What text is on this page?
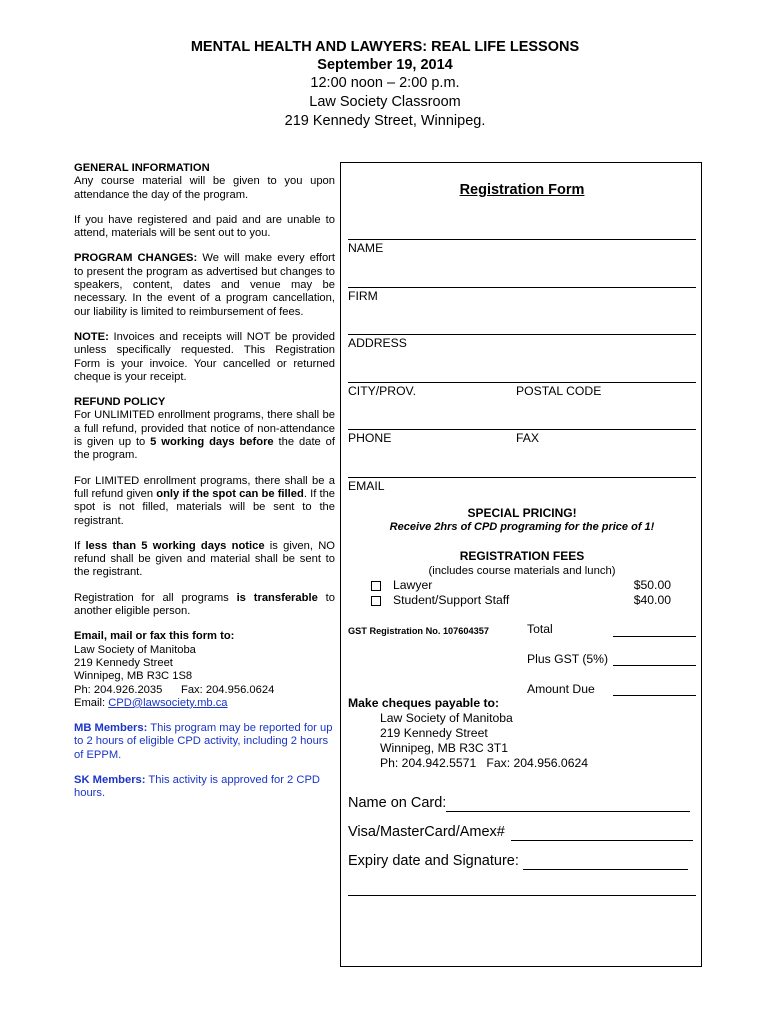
MENTAL HEALTH AND LAWYERS: REAL LIFE LESSONS
September 19, 2014
12:00 noon – 2:00 p.m.
Law Society Classroom
219 Kennedy Street, Winnipeg.

GENERAL INFORMATION
Any course material will be given to you upon attendance the day of the program.

If you have registered and paid and are unable to attend, materials will be sent out to you.

PROGRAM CHANGES: We will make every effort to present the program as advertised but changes to speakers, content, dates and venue may be necessary. In the event of a program cancellation, our liability is limited to reimbursement of fees.

NOTE: Invoices and receipts will NOT be provided unless specifically requested. This Registration Form is your invoice. Your cancelled or returned cheque is your receipt.

REFUND POLICY
For UNLIMITED enrollment programs, there shall be a full refund, provided that notice of non-attendance is given up to 5 working days before the date of the program.

For LIMITED enrollment programs, there shall be a full refund given only if the spot can be filled. If the spot is not filled, materials will be sent to the registrant.

If less than 5 working days notice is given, NO refund shall be given and material shall be sent to the registrant.

Registration for all programs is transferable to another eligible person.

Email, mail or fax this form to:
Law Society of Manitoba
219 Kennedy Street
Winnipeg, MB R3C 1S8
Ph: 204.926.2035      Fax: 204.956.0624
Email: CPD@lawsociety.mb.ca

MB Members: This program may be reported for up to 2 hours of eligible CPD activity, including 2 hours of EPPM.

SK Members: This activity is approved for 2 CPD hours.

Registration Form
NAME
FIRM
ADDRESS
CITY/PROV.	POSTAL CODE
PHONE	FAX
EMAIL
SPECIAL PRICING!
Receive 2hrs of CPD programing for the price of 1!
REGISTRATION FEES
(includes course materials and lunch)
Lawyer	$50.00
Student/Support Staff	$40.00
GST Registration No. 107604357	Total
Plus GST (5%)
Amount Due
Make cheques payable to:
Law Society of Manitoba
219 Kennedy Street
Winnipeg, MB R3C 3T1
Ph: 204.942.5571   Fax: 204.956.0624
Name on Card:
Visa/MasterCard/Amex#
Expiry date and Signature:
